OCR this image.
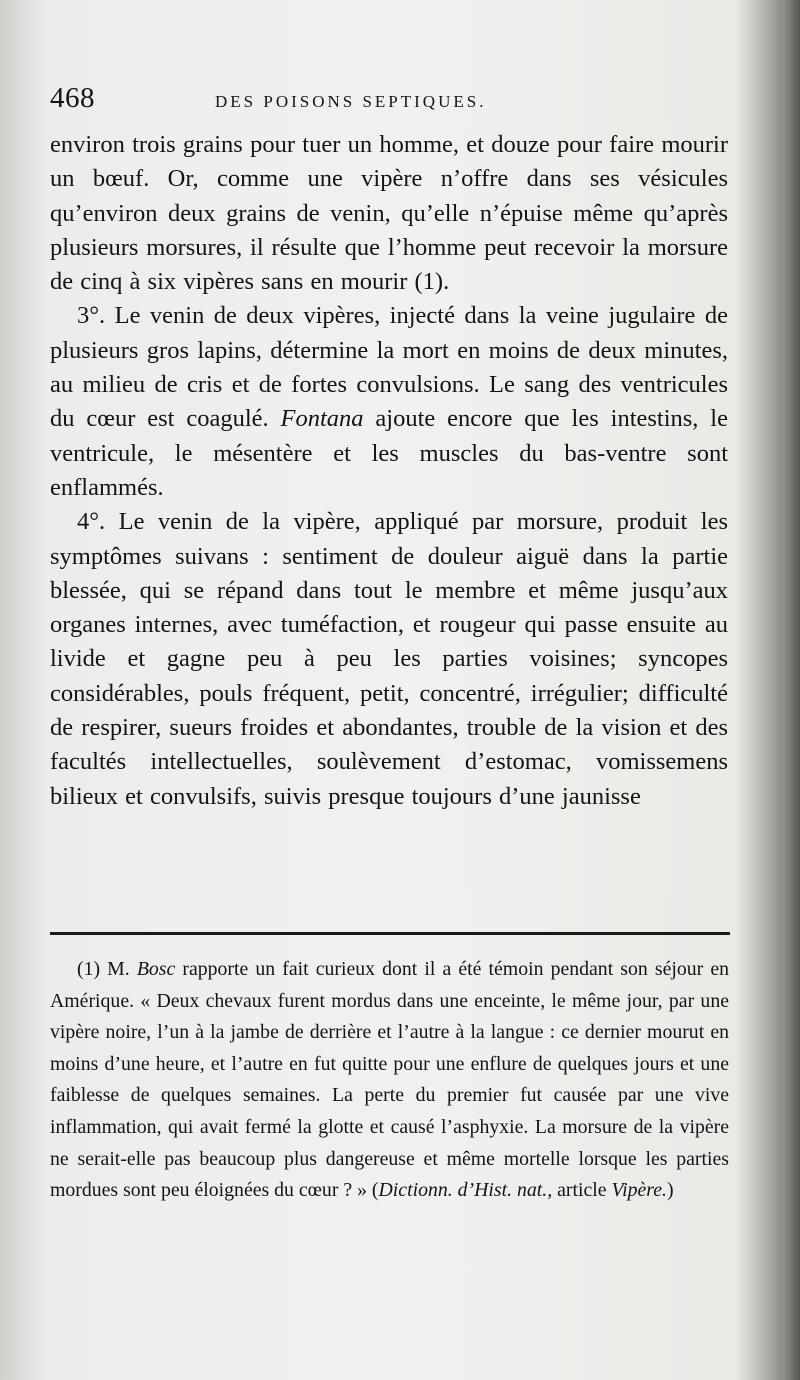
468	DES POISONS SEPTIQUES.

environ trois grains pour tuer un homme, et douze pour faire mourir un bœuf. Or, comme une vipère n’offre dans ses vésicules qu’environ deux grains de venin, qu’elle n’épuise même qu’après plusieurs morsures, il résulte que l’homme peut recevoir la morsure de cinq à six vipères sans en mourir (1).

3°. Le venin de deux vipères, injecté dans la veine jugulaire de plusieurs gros lapins, détermine la mort en moins de deux minutes, au milieu de cris et de fortes convulsions. Le sang des ventricules du cœur est coagulé. Fontana ajoute encore que les intestins, le ventricule, le mésentère et les muscles du bas-ventre sont enflammés.

4°. Le venin de la vipère, appliqué par morsure, produit les symptômes suivans : sentiment de douleur aiguë dans la partie blessée, qui se répand dans tout le membre et même jusqu’aux organes internes, avec tuméfaction, et rougeur qui passe ensuite au livide et gagne peu à peu les parties voisines; syncopes considérables, pouls fréquent, petit, concentré, irrégulier; difficulté de respirer, sueurs froides et abondantes, trouble de la vision et des facultés intellectuelles, soulèvement d’estomac, vomissemens bilieux et convulsifs, suivis presque toujours d’une jaunisse

(1) M. Bosc rapporte un fait curieux dont il a été témoin pendant son séjour en Amérique. « Deux chevaux furent mordus dans une enceinte, le même jour, par une vipère noire, l’un à la jambe de derrière et l’autre à la langue : ce dernier mourut en moins d’une heure, et l’autre en fut quitte pour une enflure de quelques jours et une faiblesse de quelques semaines. La perte du premier fut causée par une vive inflammation, qui avait fermé la glotte et causé l’asphyxie. La morsure de la vipère ne serait-elle pas beaucoup plus dangereuse et même mortelle lorsque les parties mordues sont peu éloignées du cœur ? » (Dictionn. d’Hist. nat., article Vipère.)
